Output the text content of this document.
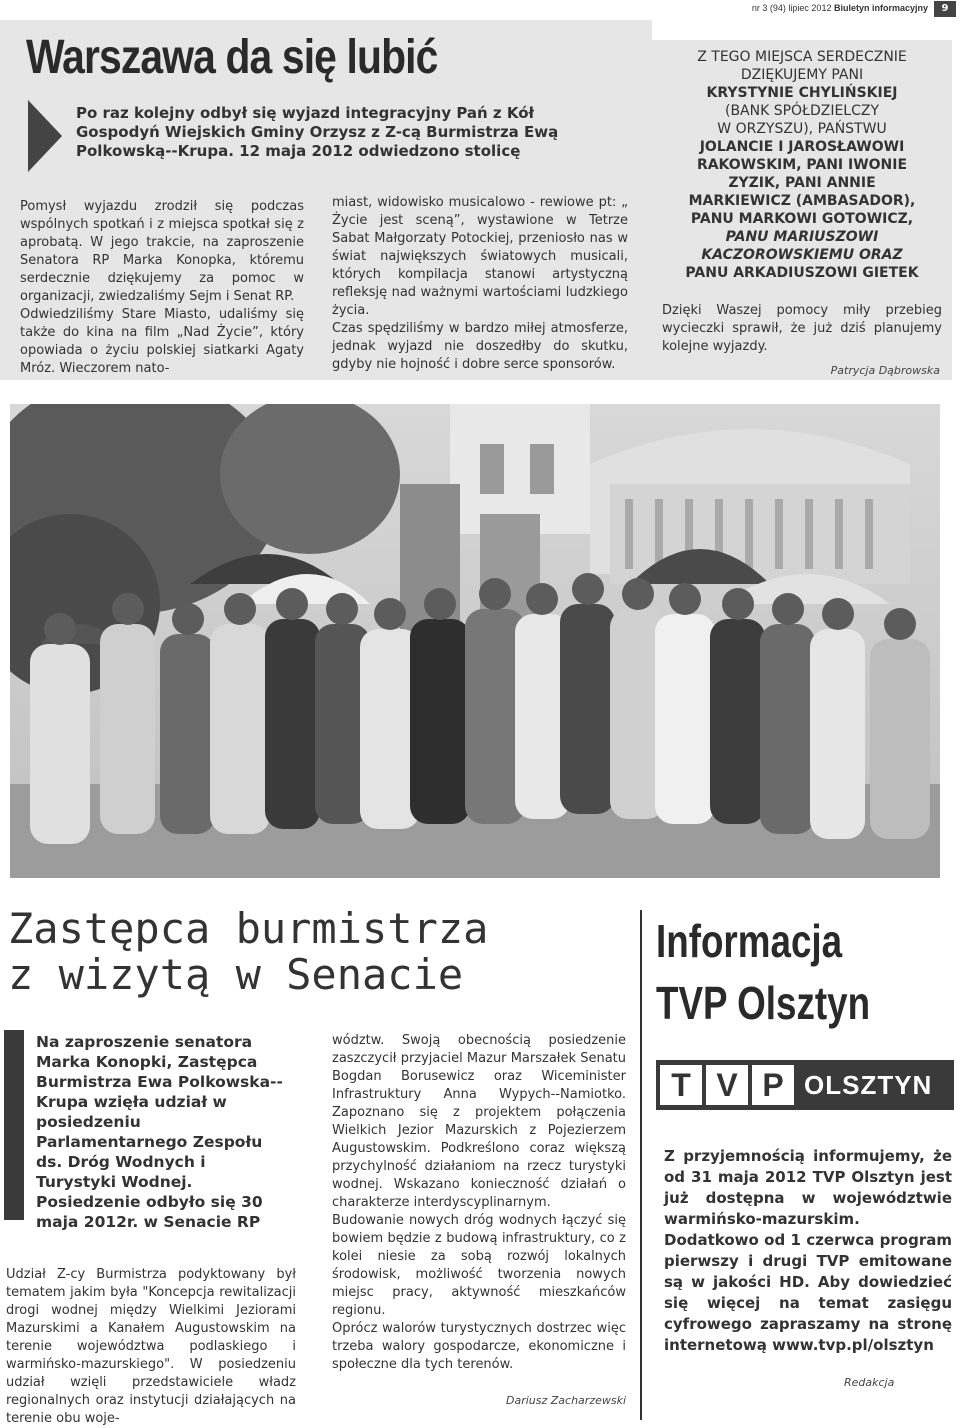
nr 3 (94) lipiec 2012 Biuletyn informacyjny	9
Warszawa da się lubić
Po raz kolejny odbył się wyjazd integracyjny Pań z Kół Gospodyń Wiejskich Gminy Orzysz z Z-cą Burmistrza Ewą Polkowską--Krupa. 12 maja 2012 odwiedzono stolicę

Pomysł wyjazdu zrodził się podczas wspólnych spotkań i z miejsca spotkał się z aprobatą. W jego trakcie, na zaproszenie Senatora RP Marka Konopka, któremu serdecznie dziękujemy za pomoc w organizacji, zwiedzaliśmy Sejm i Senat RP.

Odwiedziliśmy Stare Miasto, udaliśmy się także do kina na film „Nad Życie”, który opowiada o życiu polskiej siatkarki Agaty Mróz. Wieczorem nato-

miast, widowisko musicalowo - rewiowe pt: „ Życie jest sceną”, wystawione w Tetrze Sabat Małgorzaty Potockiej, przeniosło nas w świat największych światowych musicali, których kompilacja stanowi artystyczną refleksję nad ważnymi wartościami ludzkiego życia.

Czas spędziliśmy w bardzo miłej atmosferze, jednak wyjazd nie doszedłby do skutku, gdyby nie hojność i dobre serce sponsorów.

Z TEGO MIEJSCA SERDECZNIE
DZIĘKUJEMY PANI
KRYSTYNIE CHYLIŃSKIEJ
(BANK SPÓŁDZIELCZY
W ORZYSZU), PAŃSTWU
JOLANCIE I JAROSŁAWOWI
RAKOWSKIM, PANI IWONIE
ZYZIK, PANI ANNIE
MARKIEWICZ (AMBASADOR),
PANU MARKOWI GOTOWICZ,
PANU MARIUSZOWI
KACZOROWSKIEMU ORAZ
PANU ARKADIUSZOWI GIETEK
Dzięki Waszej pomocy miły przebieg wycieczki sprawił, że już dziś planujemy kolejne wyjazdy.
Patrycja Dąbrowska
Zastępca burmistrza
z wizytą w Senacie
Na zaproszenie senatora Marka Konopki, Zastępca Burmistrza Ewa Polkowska--Krupa wzięła udział w posiedzeniu Parlamentarnego Zespołu ds. Dróg Wodnych i Turystyki Wodnej. Posiedzenie odbyło się 30 maja 2012r. w Senacie RP
Udział Z-cy Burmistrza podyktowany był tematem jakim była "Koncepcja rewitalizacji drogi wodnej między Wielkimi Jeziorami Mazurskimi a Kanałem Augustowskim na terenie województwa podlaskiego i warmińsko-mazurskiego". W posiedzeniu udział wzięli przedstawiciele władz regionalnych oraz instytucji działających na terenie obu woje-

wództw. Swoją obecnością posiedzenie zaszczycił przyjaciel Mazur Marszałek Senatu Bogdan Borusewicz oraz Wiceminister Infrastruktury Anna Wypych--Namiotko. Zapoznano się z projektem połączenia Wielkich Jezior Mazurskich z Pojezierzem Augustowskim. Podkreślono coraz większą przychylność działaniom na rzecz turystyki wodnej. Wskazano konieczność działań o charakterze interdyscyplinarnym.

Budowanie nowych dróg wodnych łączyć się bowiem będzie z budową infrastruktury, co z kolei niesie za sobą rozwój lokalnych środowisk, możliwość tworzenia nowych miejsc pracy, aktywność mieszkańców regionu.

Oprócz walorów turystycznych dostrzec więc trzeba walory gospodarcze, ekonomiczne i społeczne dla tych terenów.

Dariusz Zacharzewski
Informacja
TVP Olsztyn
T V P OLSZTYN
Z przyjemnością informujemy, że od 31 maja 2012 TVP Olsztyn jest już dostępna w województwie warmińsko-mazurskim. Dodatkowo od 1 czerwca program pierwszy i drugi TVP emitowane są w jakości HD. Aby dowiedzieć się więcej na temat zasięgu cyfrowego zapraszamy na stronę internetową www.tvp.pl/olsztyn
Redakcja
